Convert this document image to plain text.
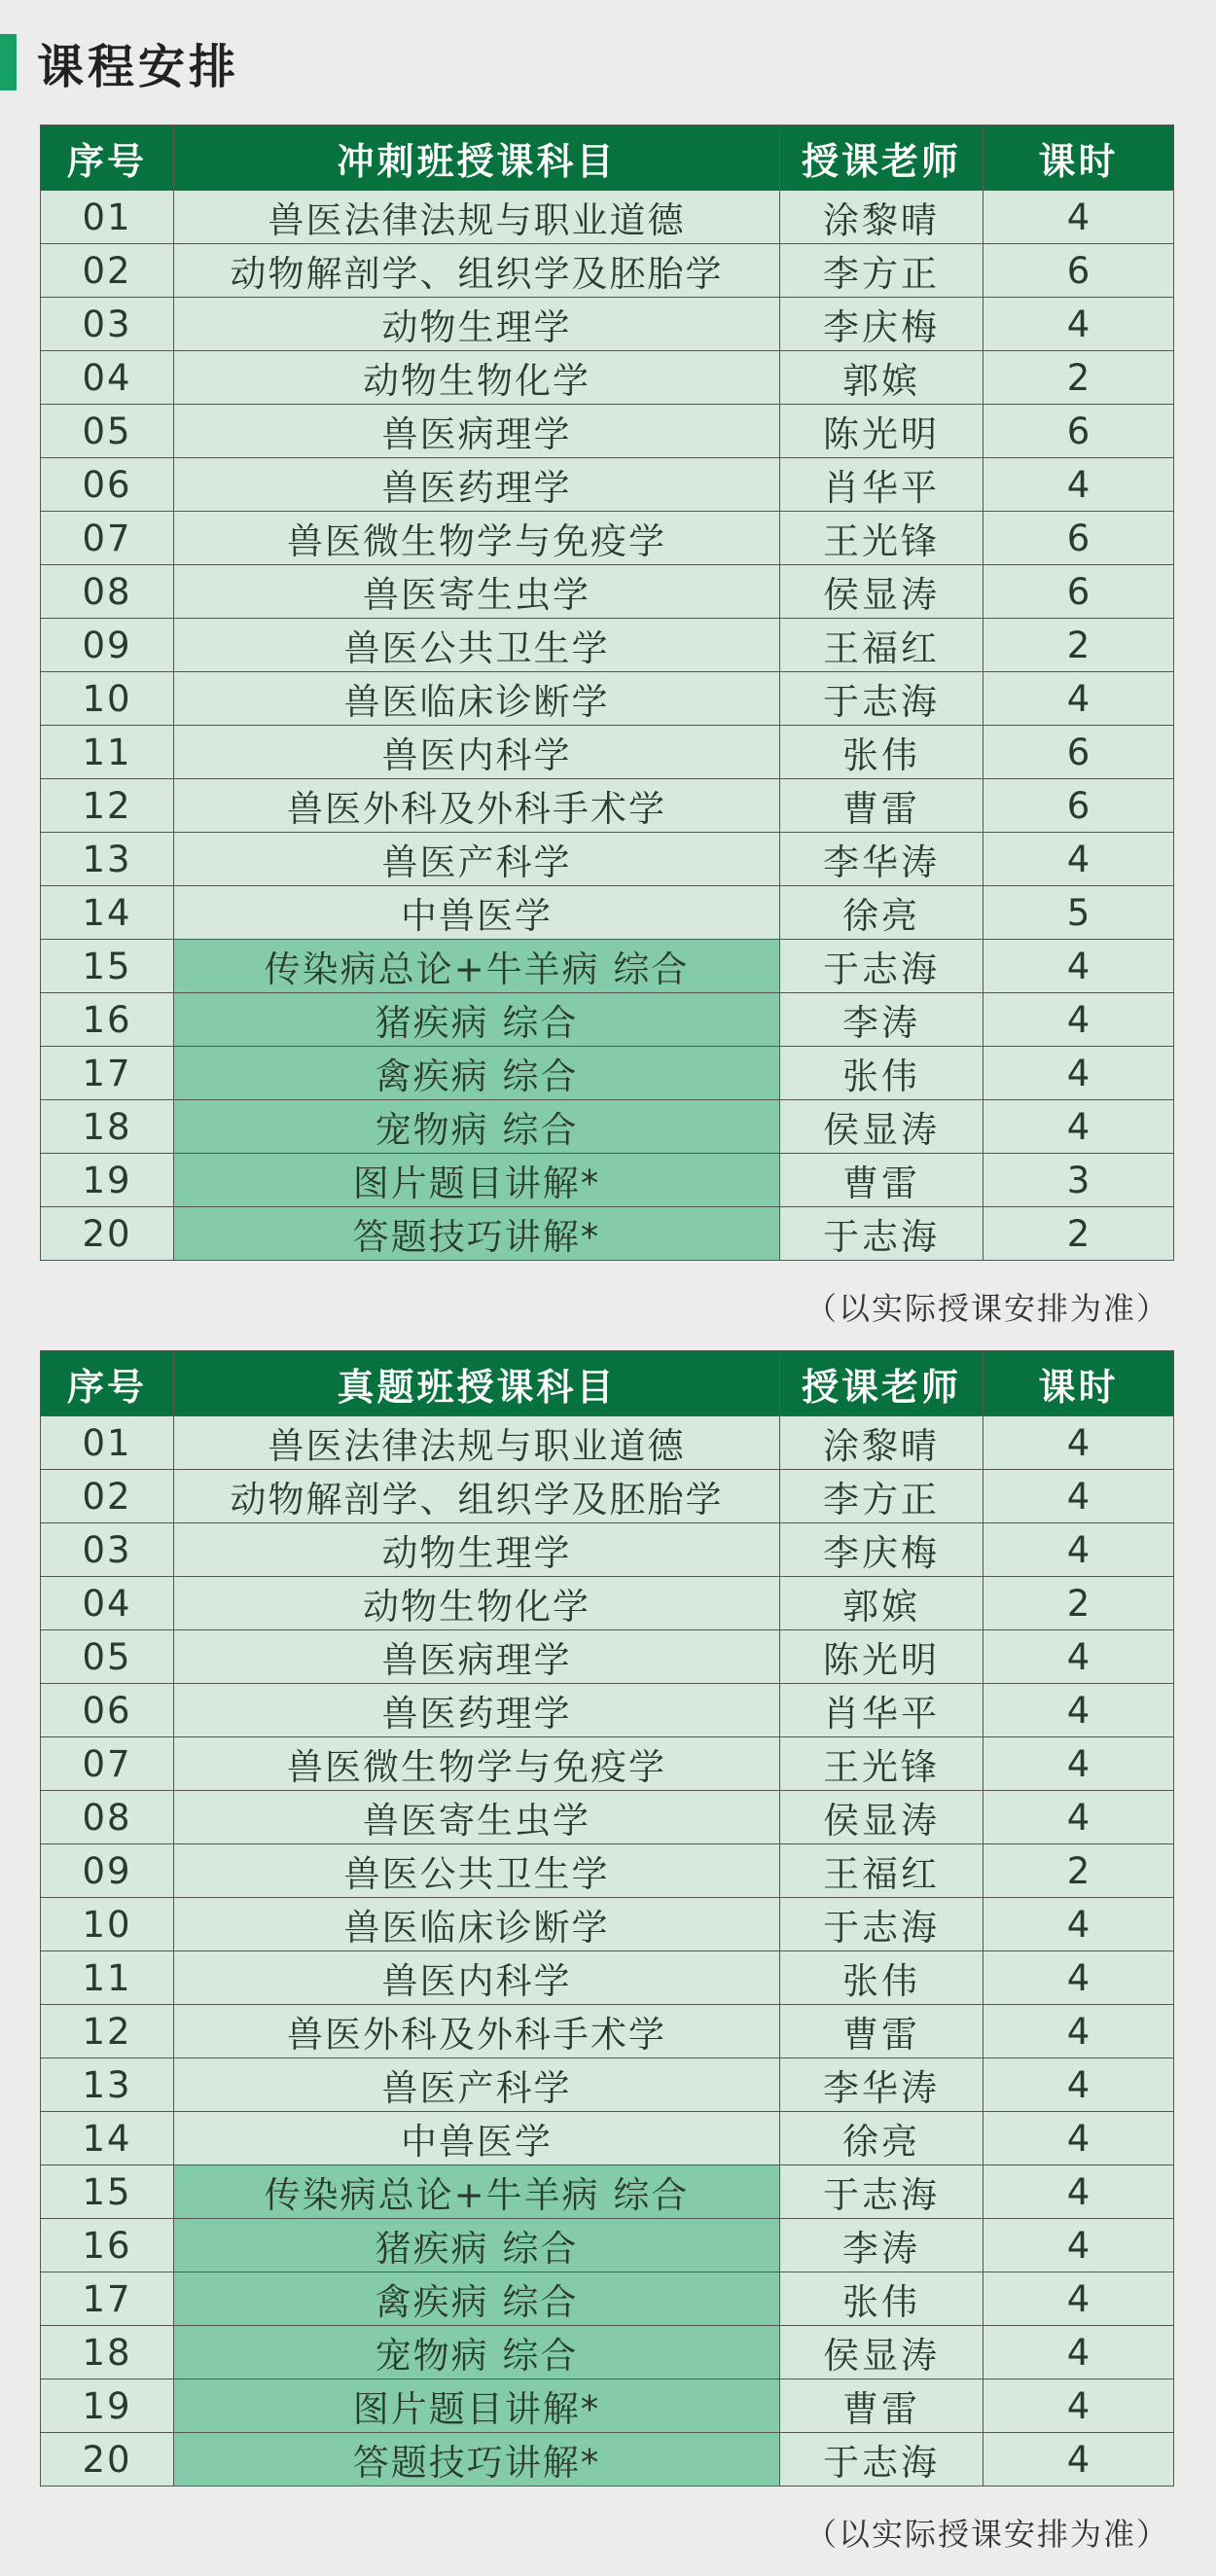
课程安排
序号	冲刺班授课科目	授课老师	课时
01	兽医法律法规与职业道德	涂黎晴	4
02	动物解剖学、组织学及胚胎学	李方正	6
03	动物生理学	李庆梅	4
04	动物生物化学	郭嫔	2
05	兽医病理学	陈光明	6
06	兽医药理学	肖华平	4
07	兽医微生物学与免疫学	王光锋	6
08	兽医寄生虫学	侯显涛	6
09	兽医公共卫生学	王福红	2
10	兽医临床诊断学	于志海	4
11	兽医内科学	张伟	6
12	兽医外科及外科手术学	曹雷	6
13	兽医产科学	李华涛	4
14	中兽医学	徐亮	5
15	传染病总论+牛羊病 综合	于志海	4
16	猪疾病 综合	李涛	4
17	禽疾病 综合	张伟	4
18	宠物病 综合	侯显涛	4
19	图片题目讲解*	曹雷	3
20	答题技巧讲解*	于志海	2
（以实际授课安排为准）
序号	真题班授课科目	授课老师	课时
01	兽医法律法规与职业道德	涂黎晴	4
02	动物解剖学、组织学及胚胎学	李方正	4
03	动物生理学	李庆梅	4
04	动物生物化学	郭嫔	2
05	兽医病理学	陈光明	4
06	兽医药理学	肖华平	4
07	兽医微生物学与免疫学	王光锋	4
08	兽医寄生虫学	侯显涛	4
09	兽医公共卫生学	王福红	2
10	兽医临床诊断学	于志海	4
11	兽医内科学	张伟	4
12	兽医外科及外科手术学	曹雷	4
13	兽医产科学	李华涛	4
14	中兽医学	徐亮	4
15	传染病总论+牛羊病 综合	于志海	4
16	猪疾病 综合	李涛	4
17	禽疾病 综合	张伟	4
18	宠物病 综合	侯显涛	4
19	图片题目讲解*	曹雷	4
20	答题技巧讲解*	于志海	4
（以实际授课安排为准）
